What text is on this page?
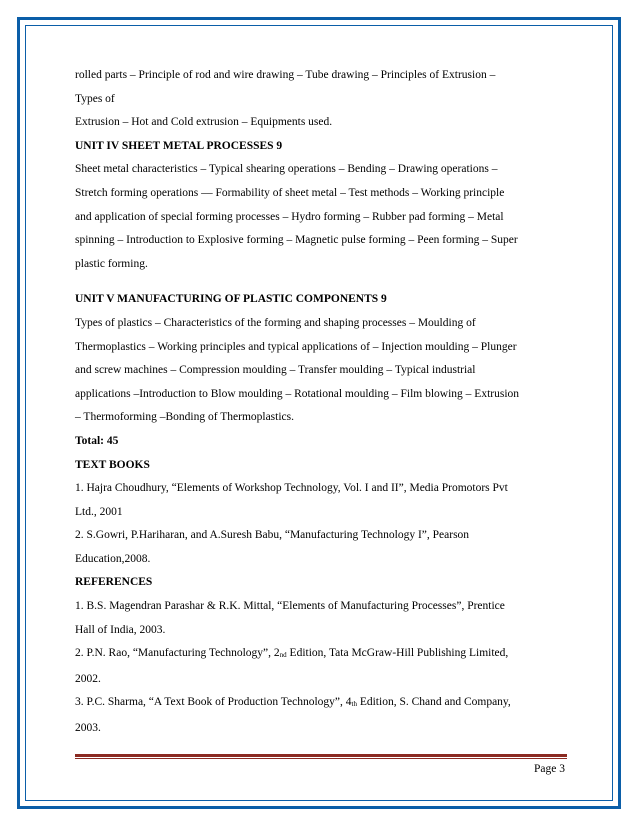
rolled parts – Principle of rod and wire drawing – Tube drawing – Principles of Extrusion –

Types of

Extrusion – Hot and Cold extrusion – Equipments used.

UNIT IV SHEET METAL PROCESSES 9

Sheet metal characteristics – Typical shearing operations – Bending – Drawing operations –

Stretch forming operations –– Formability of sheet metal – Test methods – Working principle

and application of special forming processes – Hydro forming – Rubber pad forming – Metal

spinning – Introduction to Explosive forming – Magnetic pulse forming – Peen forming – Super

plastic forming.

UNIT V MANUFACTURING OF PLASTIC COMPONENTS 9

Types of plastics – Characteristics of the forming and shaping processes – Moulding of

Thermoplastics – Working principles and typical applications of – Injection moulding – Plunger

and screw machines – Compression moulding – Transfer moulding – Typical industrial

applications –Introduction to Blow moulding – Rotational moulding – Film blowing – Extrusion

– Thermoforming –Bonding of Thermoplastics.

Total: 45

TEXT BOOKS

1. Hajra Choudhury, “Elements of Workshop Technology, Vol. I and II”, Media Promotors Pvt

Ltd., 2001

2. S.Gowri, P.Hariharan, and A.Suresh Babu, “Manufacturing Technology I”, Pearson

Education,2008.

REFERENCES

1. B.S. Magendran Parashar & R.K. Mittal, “Elements of Manufacturing Processes”, Prentice

Hall of India, 2003.

2. P.N. Rao, “Manufacturing Technology”, $2_{nd}$ Edition, Tata McGraw-Hill Publishing Limited,

2002.

3. P.C. Sharma, “A Text Book of Production Technology”, $4_{th}$ Edition, S. Chand and Company,

2003.

Page 3
